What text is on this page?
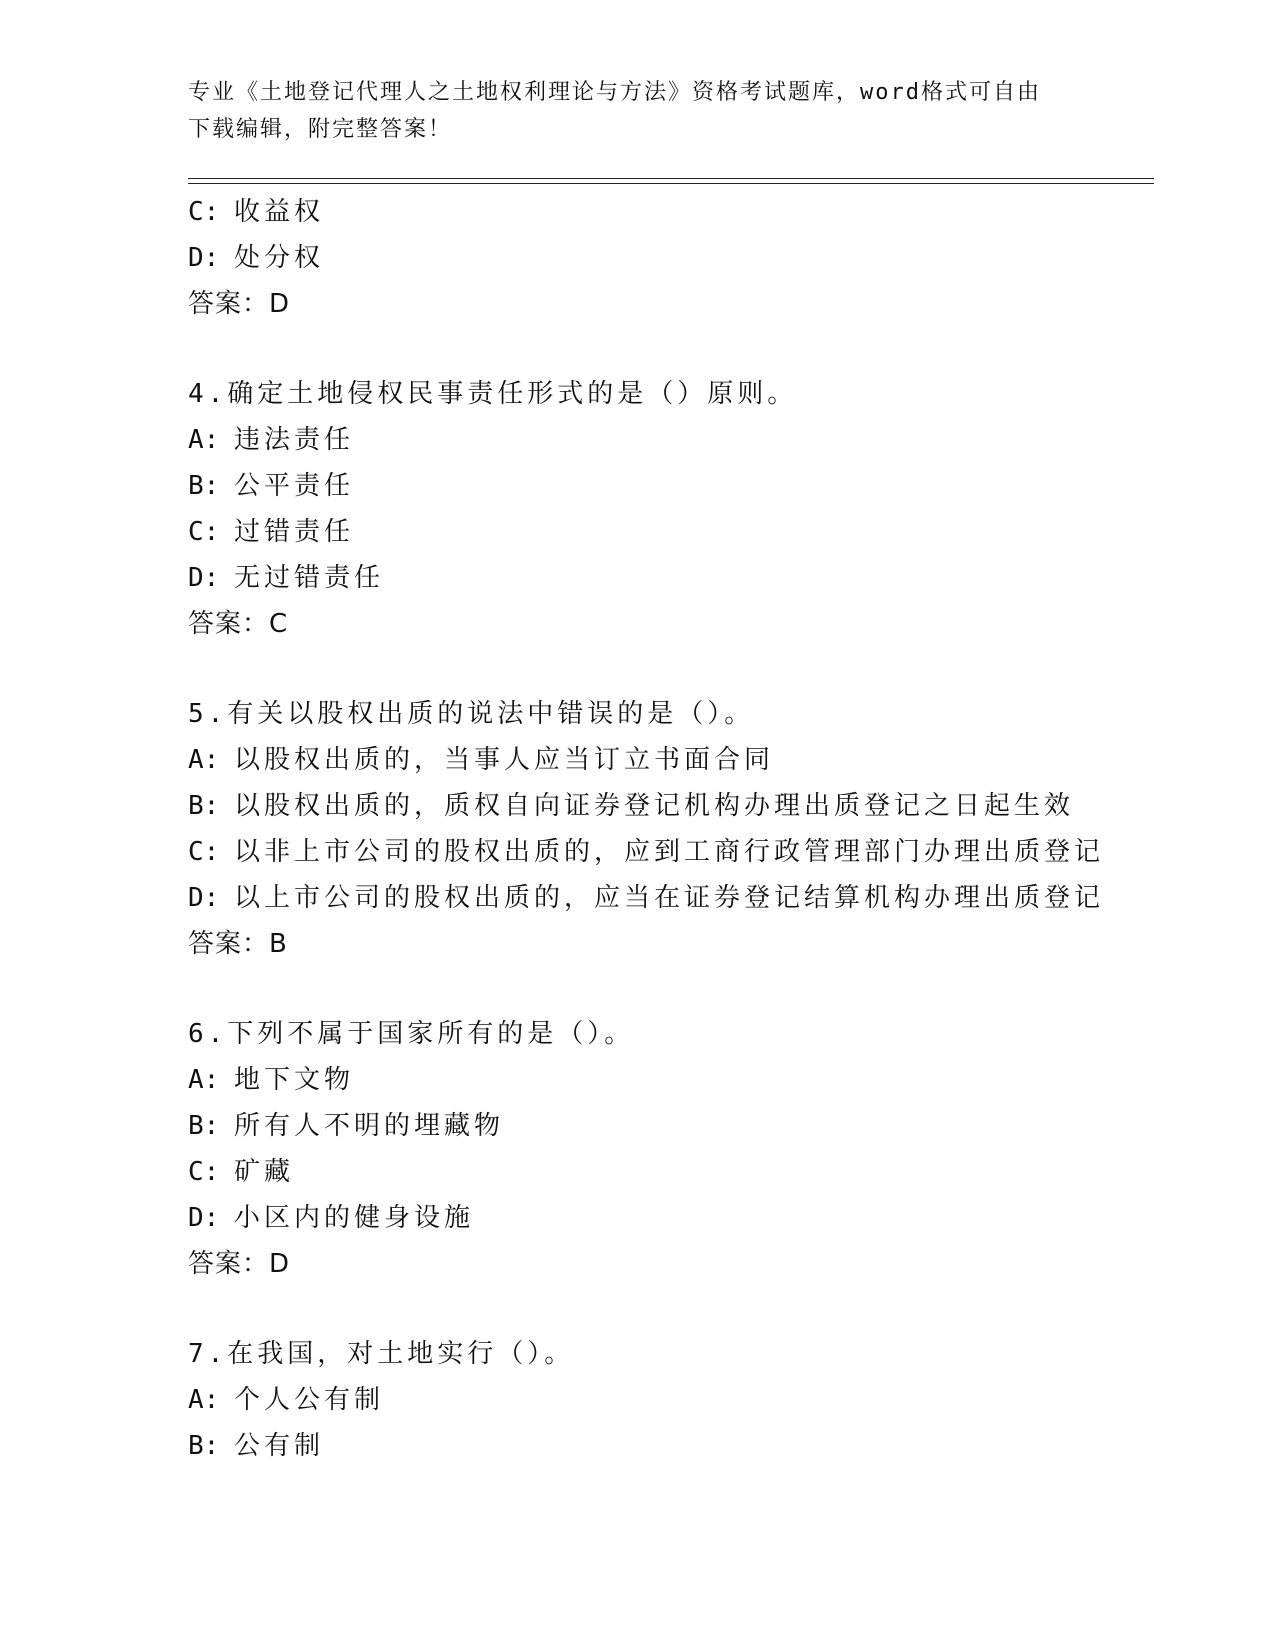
专业《土地登记代理人之土地权利理论与方法》资格考试题库，word格式可自由
下载编辑，附完整答案！
C: 收益权
D: 处分权
答案：D
4.确定土地侵权民事责任形式的是（）原则。
A: 违法责任
B: 公平责任
C: 过错责任
D: 无过错责任
答案：C
5.有关以股权出质的说法中错误的是（）。
A: 以股权出质的，当事人应当订立书面合同
B: 以股权出质的，质权自向证券登记机构办理出质登记之日起生效
C: 以非上市公司的股权出质的，应到工商行政管理部门办理出质登记
D: 以上市公司的股权出质的，应当在证券登记结算机构办理出质登记
答案：B
6.下列不属于国家所有的是（）。
A: 地下文物
B: 所有人不明的埋藏物
C: 矿藏
D: 小区内的健身设施
答案：D
7.在我国，对土地实行（）。
A: 个人公有制
B: 公有制
